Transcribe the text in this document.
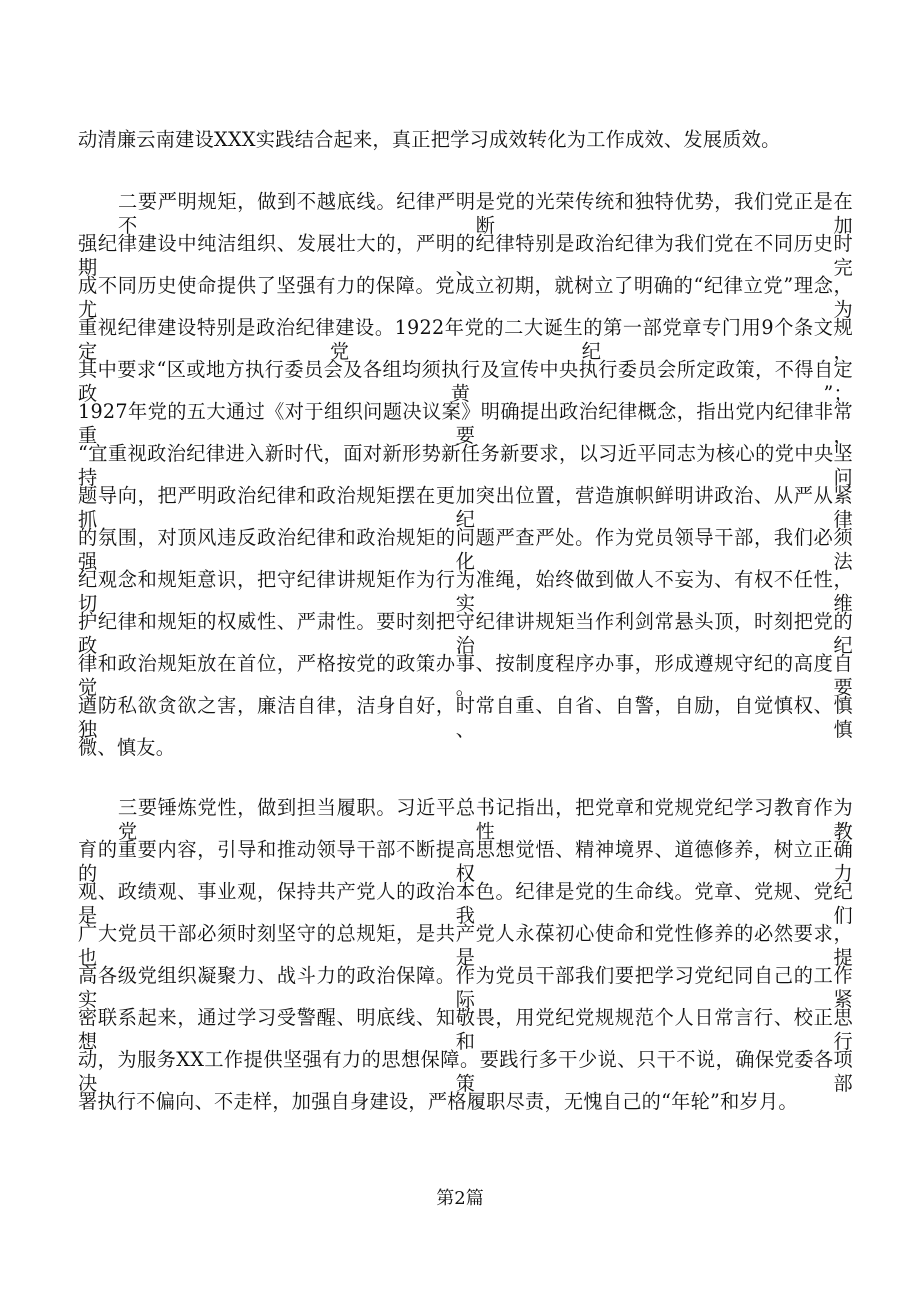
动清廉云南建设XXX实践结合起来，真正把学习成效转化为工作成效、发展质效。
二要严明规矩，做到不越底线。纪律严明是党的光荣传统和独特优势，我们党正是在不断加
强纪律建设中纯洁组织、发展壮大的，严明的纪律特别是政治纪律为我们党在不同历史时期、完
成不同历史使命提供了坚强有力的保障。党成立初期，就树立了明确的“纪律立党”理念，尤为
重视纪律建设特别是政治纪律建设。1922年党的二大诞生的第一部党章专门用9个条文规定党纪，
其中要求“区或地方执行委员会及各组均须执行及宣传中央执行委员会所定政策，不得自定政黄”；
1927年党的五大通过《对于组织问题决议案》明确提出政治纪律概念，指出党内纪律非常重要，
“宜重视政治纪律进入新时代，面对新形势新任务新要求，以习近平同志为核心的党中央坚持问
题导向，把严明政治纪律和政治规矩摆在更加突出位置，营造旗帜鲜明讲政治、从严从紧抓纪律
的氛围，对顶风违反政治纪律和政治规矩的问题严查严处。作为党员领导干部，我们必须强化法
纪观念和规矩意识，把守纪律讲规矩作为行为准绳，始终做到做人不妄为、有权不任性，切实维
护纪律和规矩的权威性、严肃性。要时刻把守纪律讲规矩当作利剑常悬头顶，时刻把党的政治纪
律和政治规矩放在首位，严格按党的政策办事、按制度程序办事，形成遵规守纪的高度自觉。要
遒防私欲贪欲之害，廉洁自律，洁身自好，时常自重、自省、自警，自励，自觉慎权、慎独、慎
微、慎友。
三要锤炼党性，做到担当履职。习近平总书记指出，把党章和党规党纪学习教育作为党性教
育的重要内容，引导和推动领导干部不断提高思想觉悟、精神境界、道德修养，树立正确的权力
观、政绩观、事业观，保持共产党人的政治本色。纪律是党的生命线。党章、党规、党纪是我们
广大党员干部必须时刻坚守的总规矩，是共产党人永葆初心使命和党性修养的必然要求，也是提
高各级党组织凝聚力、战斗力的政治保障。作为党员干部我们要把学习党纪同自己的工作实际紧
密联系起来，通过学习受警醒、明底线、知敬畏，用党纪党规规范个人日常言行、校正思想和行
动，为服务XX工作提供坚强有力的思想保障。要践行多干少说、只干不说，确保党委各项决策部
署执行不偏向、不走样，加强自身建设，严格履职尽责，无愧自己的“年轮”和岁月。
第2篇
